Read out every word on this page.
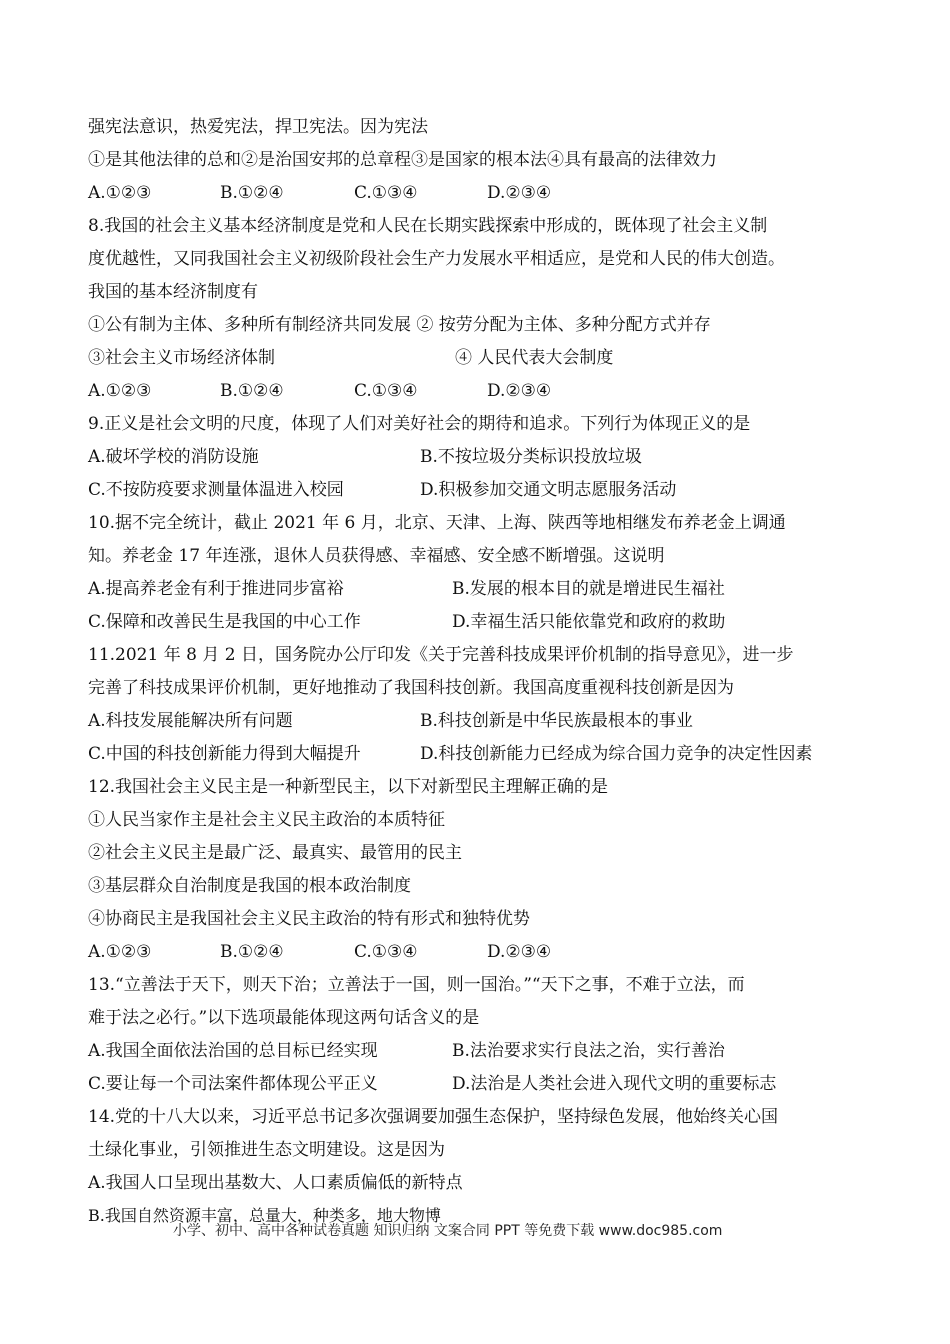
强宪法意识，热爱宪法，捍卫宪法。因为宪法
①是其他法律的总和②是治国安邦的总章程③是国家的根本法④具有最高的法律效力
A.①②③	B.①②④	C.①③④	D.②③④
8.我国的社会主义基本经济制度是党和人民在长期实践探索中形成的，既体现了社会主义制
度优越性，又同我国社会主义初级阶段社会生产力发展水平相适应，是党和人民的伟大创造。
我国的基本经济制度有
①公有制为主体、多种所有制经济共同发展 ② 按劳分配为主体、多种分配方式并存
③社会主义市场经济体制	④ 人民代表大会制度
A.①②③	B.①②④	C.①③④	D.②③④
9.正义是社会文明的尺度，体现了人们对美好社会的期待和追求。下列行为体现正义的是
A.破坏学校的消防设施	B.不按垃圾分类标识投放垃圾
C.不按防疫要求测量体温进入校园	D.积极参加交通文明志愿服务活动
10.据不完全统计，截止 2021 年 6 月，北京、天津、上海、陕西等地相继发布养老金上调通
知。养老金 17 年连涨，退休人员获得感、幸福感、安全感不断增强。这说明
A.提高养老金有利于推进同步富裕	B.发展的根本目的就是增进民生福社
C.保障和改善民生是我国的中心工作	D.幸福生活只能依靠党和政府的救助
11.2021 年 8 月 2 日，国务院办公厅印发《关于完善科技成果评价机制的指导意见》，进一步
完善了科技成果评价机制，更好地推动了我国科技创新。我国高度重视科技创新是因为
A.科技发展能解决所有问题	B.科技创新是中华民族最根本的事业
C.中国的科技创新能力得到大幅提升	D.科技创新能力已经成为综合国力竞争的决定性因素
12.我国社会主义民主是一种新型民主，以下对新型民主理解正确的是
①人民当家作主是社会主义民主政治的本质特征
②社会主义民主是最广泛、最真实、最管用的民主
③基层群众自治制度是我国的根本政治制度
④协商民主是我国社会主义民主政治的特有形式和独特优势
A.①②③	B.①②④	C.①③④	D.②③④
13.“立善法于天下，则天下治；立善法于一国，则一国治。”“天下之事，不难于立法，而
难于法之必行。”以下选项最能体现这两句话含义的是
A.我国全面依法治国的总目标已经实现	B.法治要求实行良法之治，实行善治
C.要让每一个司法案件都体现公平正义	D.法治是人类社会进入现代文明的重要标志
14.党的十八大以来，习近平总书记多次强调要加强生态保护，坚持绿色发展，他始终关心国
土绿化事业，引领推进生态文明建设。这是因为
A.我国人口呈现出基数大、人口素质偏低的新特点
B.我国自然资源丰富，总量大，种类多，地大物博
小学、初中、高中各种试卷真题 知识归纳 文案合同 PPT 等免费下载 www.doc985.com
